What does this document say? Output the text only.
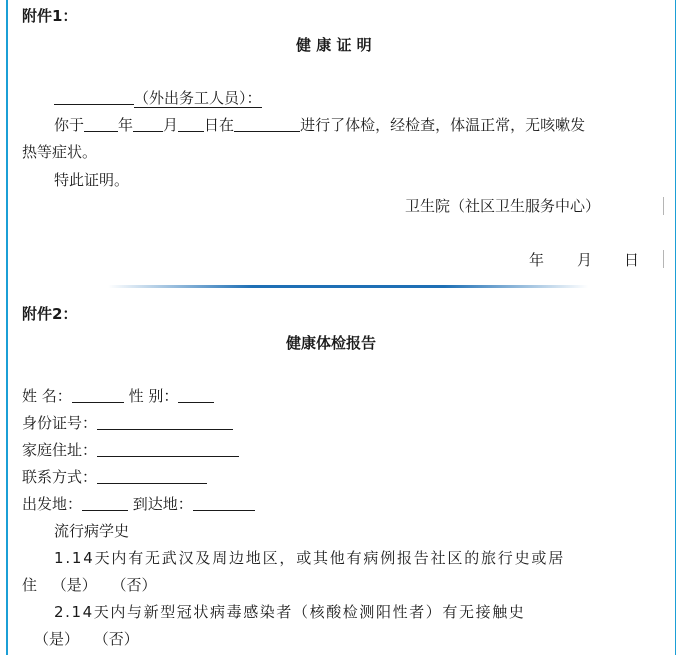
附件1：
健 康 证 明
（外出务工人员）：
你于 年 月 日在	进行了体检，经检查，体温正常，无咳嗽发
热等症状。
特此证明。
卫生院（社区卫生服务中心）
年 月 日
附件2：
健康体检报告
姓 名：	性 别：
身份证号：
家庭住址：
联系方式：
出发地：	到达地：
流行病学史
1.14天内有无武汉及周边地区，或其他有病例报告社区的旅行史或居
住 （是） （否）
2.14天内与新型冠状病毒感染者（核酸检测阳性者）有无接触史
（是） （否）
